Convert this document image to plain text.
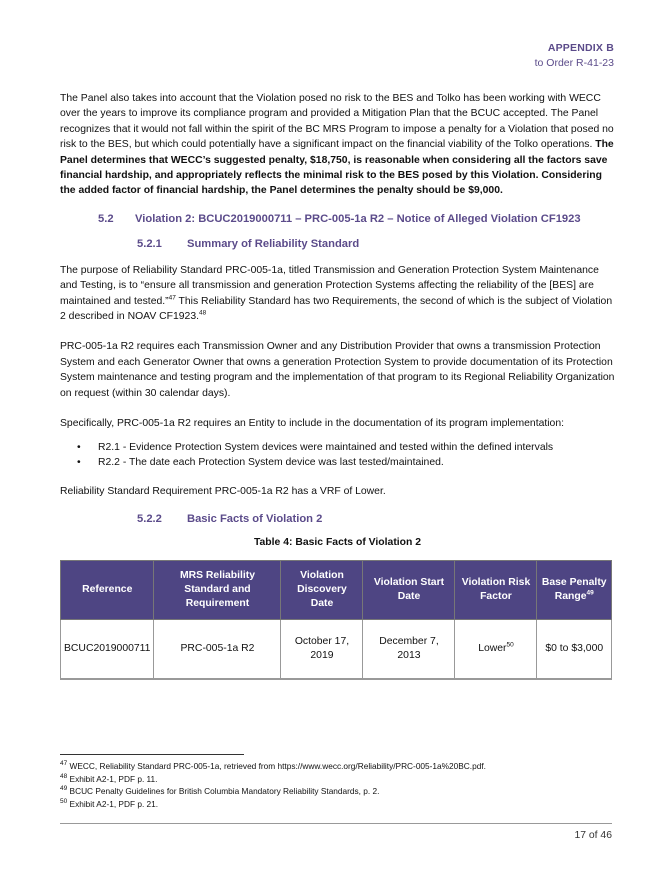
APPENDIX B
to Order R-41-23

The Panel also takes into account that the Violation posed no risk to the BES and Tolko has been working with WECC over the years to improve its compliance program and provided a Mitigation Plan that the BCUC accepted. The Panel recognizes that it would not fall within the spirit of the BC MRS Program to impose a penalty for a Violation that posed no risk to the BES, but which could potentially have a significant impact on the financial viability of the Tolko operations. The Panel determines that WECC’s suggested penalty, $18,750, is reasonable when considering all the factors save financial hardship, and appropriately reflects the minimal risk to the BES posed by this Violation. Considering the added factor of financial hardship, the Panel determines the penalty should be $9,000.

5.2 Violation 2: BCUC2019000711 – PRC-005-1a R2 – Notice of Alleged Violation CF1923
5.2.1 Summary of Reliability Standard

The purpose of Reliability Standard PRC-005-1a, titled Transmission and Generation Protection System Maintenance and Testing, is to “ensure all transmission and generation Protection Systems affecting the reliability of the [BES] are maintained and tested.”$^{47}$ This Reliability Standard has two Requirements, the second of which is the subject of Violation 2 described in NOAV CF1923.48

PRC-005-1a R2 requires each Transmission Owner and any Distribution Provider that owns a transmission Protection System and each Generator Owner that owns a generation Protection System to provide documentation of its Protection System maintenance and testing program and the implementation of that program to its Regional Reliability Organization on request (within 30 calendar days).

Specifically, PRC-005-1a R2 requires an Entity to include in the documentation of its program implementation:

• R2.1 - Evidence Protection System devices were maintained and tested within the defined intervals
• R2.2 - The date each Protection System device was last tested/maintained.

Reliability Standard Requirement PRC-005-1a R2 has a VRF of Lower.

5.2.2 Basic Facts of Violation 2
Table 4: Basic Facts of Violation 2
Reference	MRS Reliability Standard and Requirement	Violation Discovery Date	Violation Start Date	Violation Risk Factor	Base Penalty Range$^{49}$
BCUC2019000711	PRC-005-1a R2	October 17, 2019	December 7, 2013	Lower$^{50}$	$0 to $3,000
$^{47}$ WECC, Reliability Standard PRC-005-1a, retrieved from https://www.wecc.org/Reliability/PRC-005-1a%20BC.pdf.
$^{48}$ Exhibit A2-1, PDF p. 11.
$^{49}$ BCUC Penalty Guidelines for British Columbia Mandatory Reliability Standards, p. 2.
$^{50}$ Exhibit A2-1, PDF p. 21.
17 of 46
